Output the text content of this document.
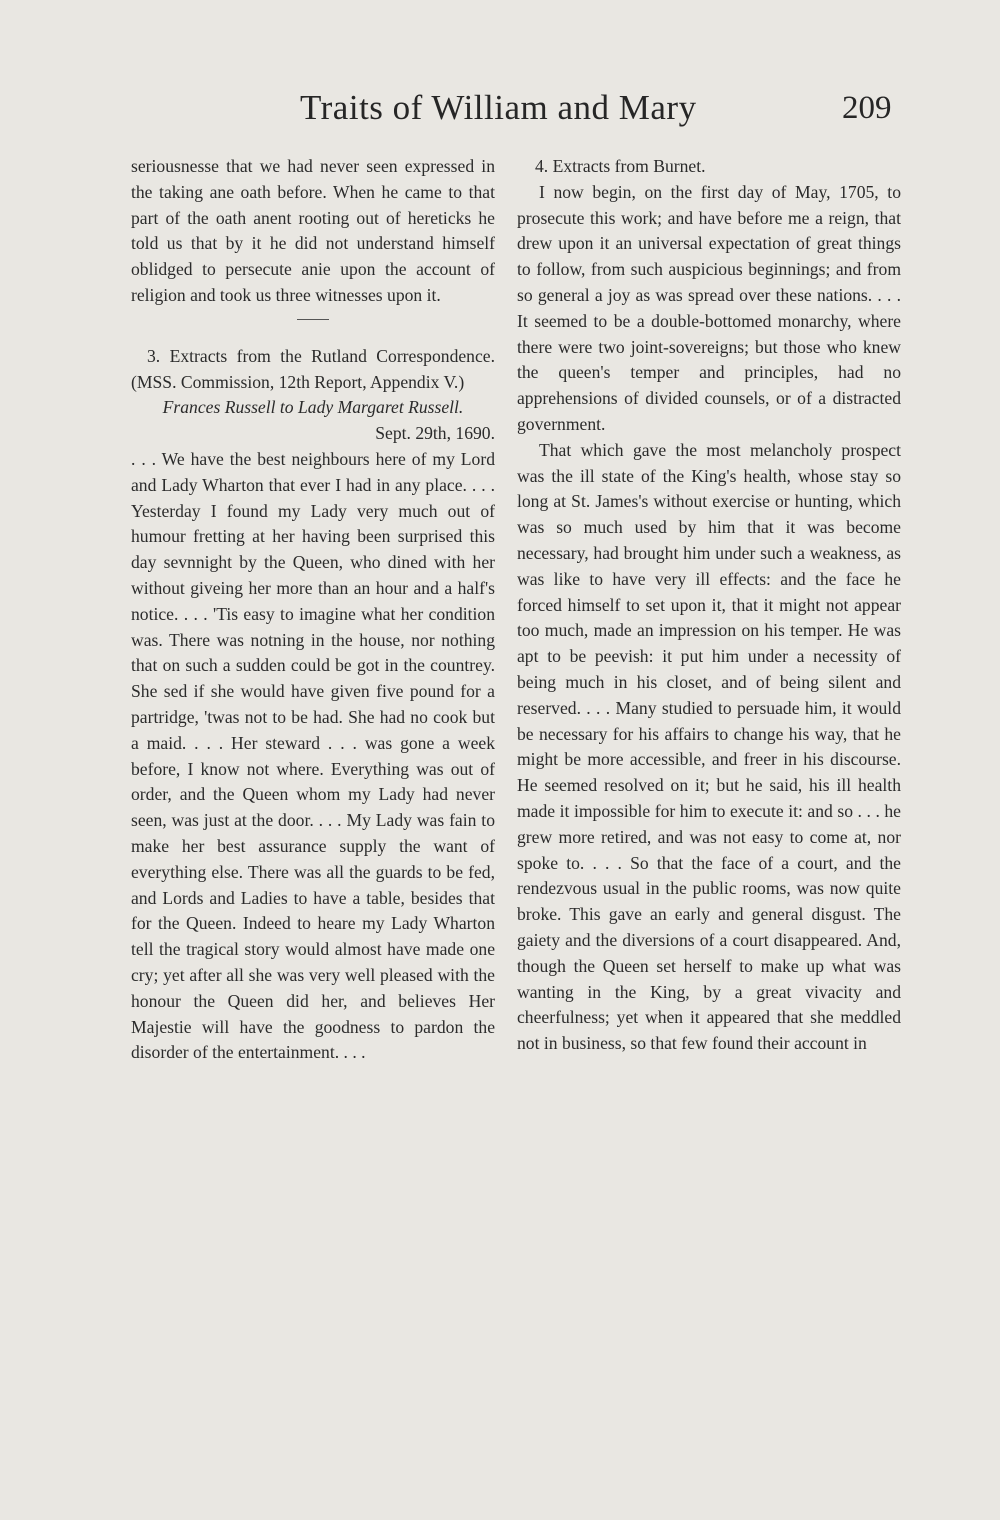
Traits of William and Mary	209

seriousnesse that we had never seen expressed in the taking ane oath before. When he came to that part of the oath anent rooting out of hereticks he told us that by it he did not understand himself oblidged to persecute anie upon the account of religion and took us three witnesses upon it.

3. Extracts from the Rutland Correspondence. (MSS. Commission, 12th Report, Appendix V.)

Frances Russell to Lady Margaret Russell.

Sept. 29th, 1690.

. . . We have the best neighbours here of my Lord and Lady Wharton that ever I had in any place. . . . Yesterday I found my Lady very much out of humour fretting at her having been surprised this day sevnnight by the Queen, who dined with her without giveing her more than an hour and a half's notice. . . . 'Tis easy to imagine what her condition was. There was notning in the house, nor nothing that on such a sudden could be got in the countrey. She sed if she would have given five pound for a partridge, 'twas not to be had. She had no cook but a maid. . . . Her steward . . . was gone a week before, I know not where. Everything was out of order, and the Queen whom my Lady had never seen, was just at the door. . . . My Lady was fain to make her best assurance supply the want of everything else. There was all the guards to be fed, and Lords and Ladies to have a table, besides that for the Queen. Indeed to heare my Lady Wharton tell the tragical story would almost have made one cry; yet after all she was very well pleased with the honour the Queen did her, and believes Her Majestie will have the goodness to pardon the disorder of the entertainment. . . .

4. Extracts from Burnet.

I now begin, on the first day of May, 1705, to prosecute this work; and have before me a reign, that drew upon it an universal expectation of great things to follow, from such auspicious beginnings; and from so general a joy as was spread over these nations. . . . It seemed to be a double-bottomed monarchy, where there were two joint-sovereigns; but those who knew the queen's temper and principles, had no apprehensions of divided counsels, or of a distracted government.

That which gave the most melancholy prospect was the ill state of the King's health, whose stay so long at St. James's without exercise or hunting, which was so much used by him that it was become necessary, had brought him under such a weakness, as was like to have very ill effects: and the face he forced himself to set upon it, that it might not appear too much, made an impression on his temper. He was apt to be peevish: it put him under a necessity of being much in his closet, and of being silent and reserved. . . . Many studied to persuade him, it would be necessary for his affairs to change his way, that he might be more accessible, and freer in his discourse. He seemed resolved on it; but he said, his ill health made it impossible for him to execute it: and so . . . he grew more retired, and was not easy to come at, nor spoke to. . . . So that the face of a court, and the rendezvous usual in the public rooms, was now quite broke. This gave an early and general disgust. The gaiety and the diversions of a court disappeared. And, though the Queen set herself to make up what was wanting in the King, by a great vivacity and cheerfulness; yet when it appeared that she meddled not in business, so that few found their account in
